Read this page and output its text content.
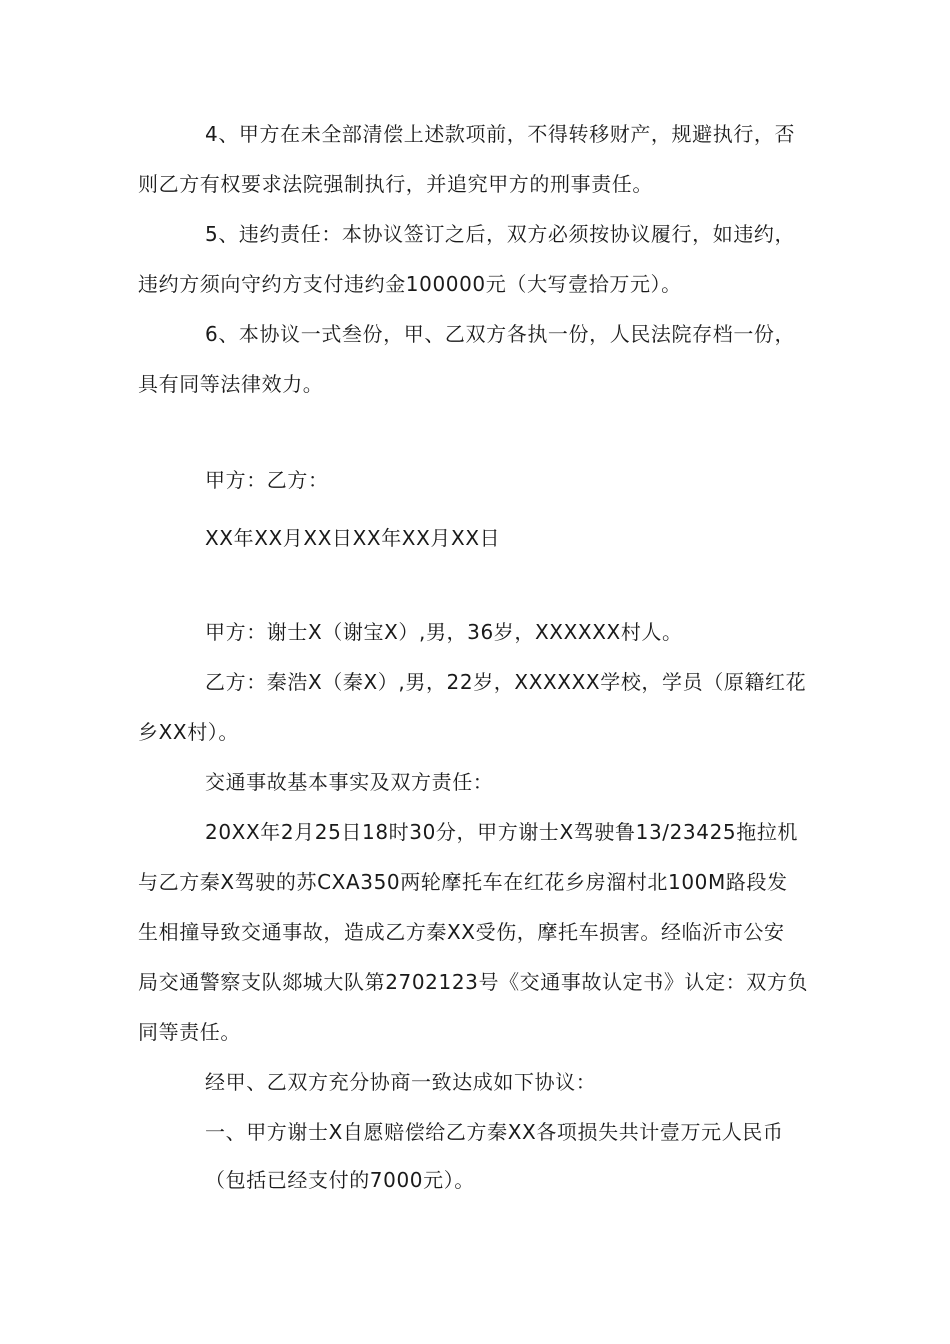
4、甲方在未全部清偿上述款项前，不得转移财产，规避执行，否
则乙方有权要求法院强制执行，并追究甲方的刑事责任。
5、违约责任：本协议签订之后，双方必须按协议履行，如违约，
违约方须向守约方支付违约金100000元（大写壹拾万元）。
6、本协议一式叁份，甲、乙双方各执一份，人民法院存档一份，
具有同等法律效力。
甲方：乙方：
XX年XX月XX日XX年XX月XX日
甲方：谢士X（谢宝X）,男，36岁，XXXXXX村人。
乙方：秦浩X（秦X）,男，22岁，XXXXXX学校，学员（原籍红花
乡XX村）。
交通事故基本事实及双方责任：
20XX年2月25日18时30分，甲方谢士X驾驶鲁13/23425拖拉机
与乙方秦X驾驶的苏CXA350两轮摩托车在红花乡房溜村北100M路段发
生相撞导致交通事故，造成乙方秦XX受伤，摩托车损害。经临沂市公安
局交通警察支队郯城大队第2702123号《交通事故认定书》认定：双方负
同等责任。
经甲、乙双方充分协商一致达成如下协议：
一、甲方谢士X自愿赔偿给乙方秦XX各项损失共计壹万元人民币
（包括已经支付的7000元）。
